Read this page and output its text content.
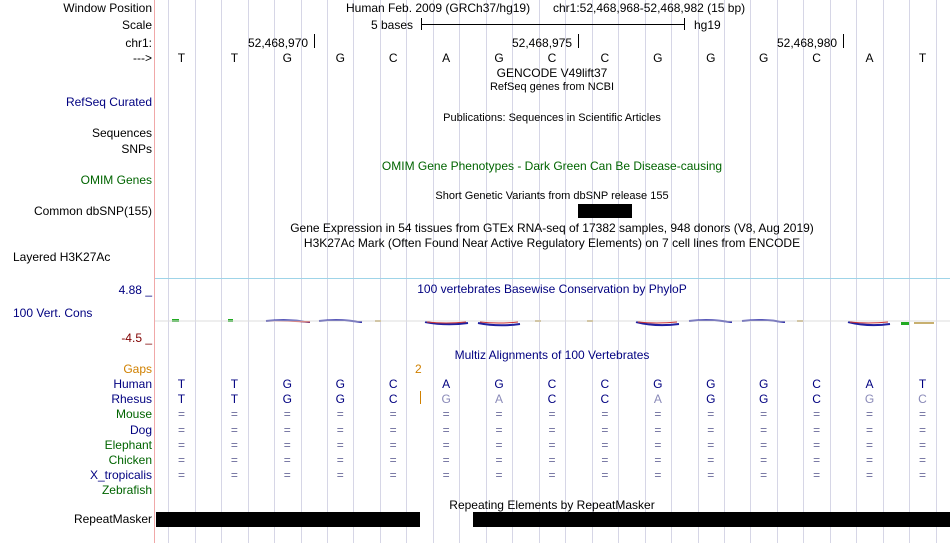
Window Position	Human Feb. 2009 (GRCh37/hg19) chr1:52,468,968-52,468,982 (15 bp)
Scale	5 bases	hg19
chr1:	52,468,970	52,468,975	52,468,980
---> T	T	G	G	C	A	G	C	C	G	G	G	C	A	T
GENCODE V49lift37
RefSeq genes from NCBI
RefSeq Curated
Publications: Sequences in Scientific Articles
Sequences
SNPs
OMIM Gene Phenotypes - Dark Green Can Be Disease-causing
OMIM Genes
Short Genetic Variants from dbSNP release 155
Common dbSNP(155)
Gene Expression in 54 tissues from GTEx RNA-seq of 17382 samples, 948 donors (V8, Aug 2019)
H3K27Ac Mark (Often Found Near Active Regulatory Elements) on 7 cell lines from ENCODE
Layered H3K27Ac
4.88 _	100 vertebrates Basewise Conservation by PhyloP
100 Vert. Cons
-4.5 _
Multiz Alignments of 100 Vertebrates
Gaps	2
Human T	T	G	G	C	A	G	C	C	G	G	G	C	A	T
Rhesus T	T	G	G	C	G	A	C	C	A	G	G	C	G	C
Mouse =	=	=	=	=	=	=	=	=	=	=	=	=	=	=
Dog =	=	=	=	=	=	=	=	=	=	=	=	=	=	=
Elephant =	=	=	=	=	=	=	=	=	=	=	=	=	=	=
Chicken =	=	=	=	=	=	=	=	=	=	=	=	=	=	=
X_tropicalis =	=	=	=	=	=	=	=	=	=	=	=	=	=	=
Zebrafish
Repeating Elements by RepeatMasker
RepeatMasker
